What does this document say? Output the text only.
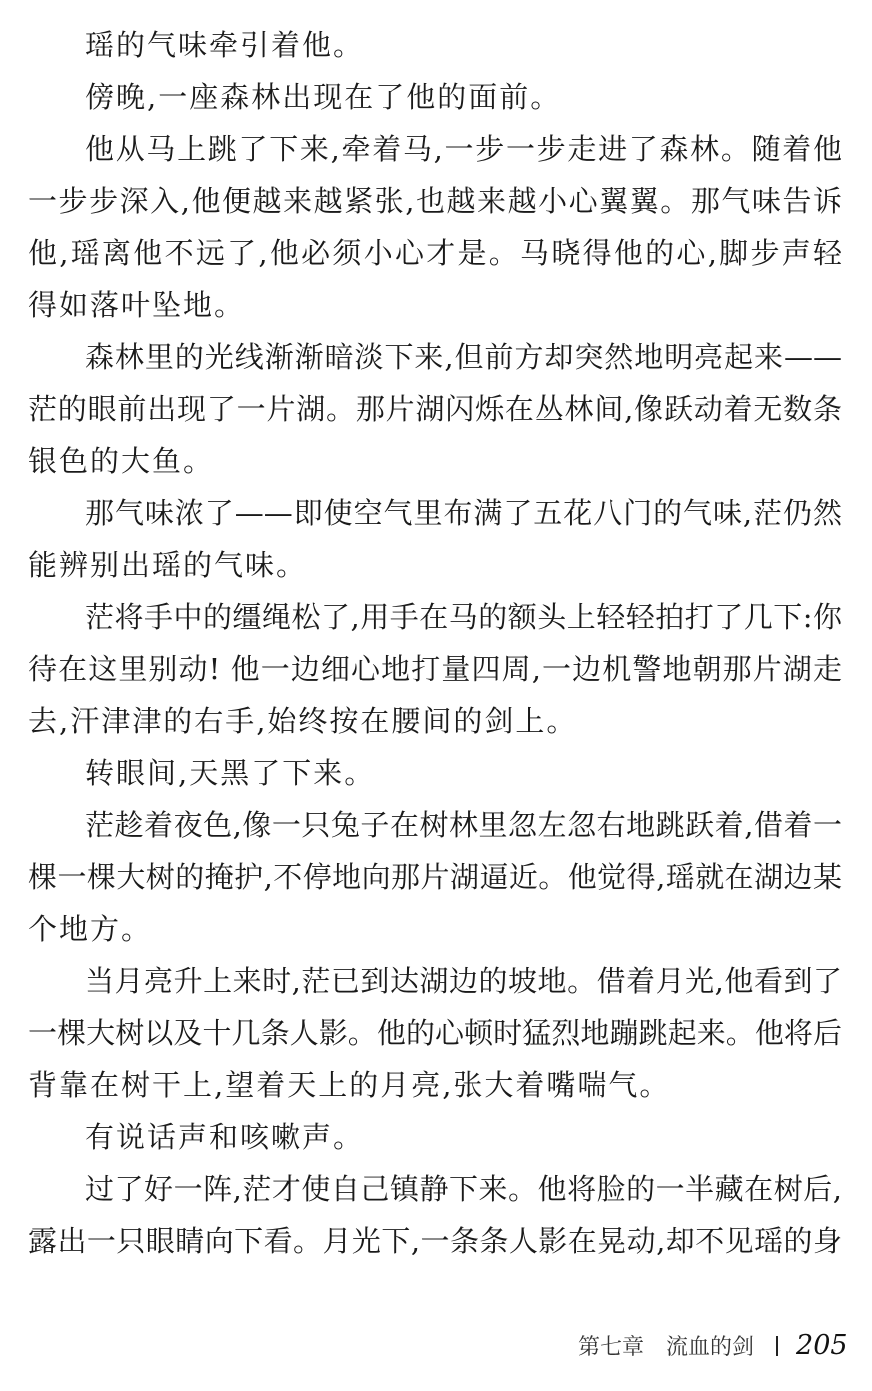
瑶的气味牵引着他。
傍晚,一座森林出现在了他的面前。
他从马上跳了下来,牵着马,一步一步走进了森林。随着他
一步步深入,他便越来越紧张,也越来越小心翼翼。那气味告诉
他,瑶离他不远了,他必须小心才是。马晓得他的心,脚步声轻
得如落叶坠地。
森林里的光线渐渐暗淡下来,但前方却突然地明亮起来——
茫的眼前出现了一片湖。那片湖闪烁在丛林间,像跃动着无数条
银色的大鱼。
那气味浓了——即使空气里布满了五花八门的气味,茫仍然
能辨别出瑶的气味。
茫将手中的缰绳松了,用手在马的额头上轻轻拍打了几下:你
待在这里别动! 他一边细心地打量四周,一边机警地朝那片湖走
去,汗津津的右手,始终按在腰间的剑上。
转眼间,天黑了下来。
茫趁着夜色,像一只兔子在树林里忽左忽右地跳跃着,借着一
棵一棵大树的掩护,不停地向那片湖逼近。他觉得,瑶就在湖边某
个地方。
当月亮升上来时,茫已到达湖边的坡地。借着月光,他看到了
一棵大树以及十几条人影。他的心顿时猛烈地蹦跳起来。他将后
背靠在树干上,望着天上的月亮,张大着嘴喘气。
有说话声和咳嗽声。
过了好一阵,茫才使自己镇静下来。他将脸的一半藏在树后,
露出一只眼睛向下看。月光下,一条条人影在晃动,却不见瑶的身
第七章 流血的剑 205
